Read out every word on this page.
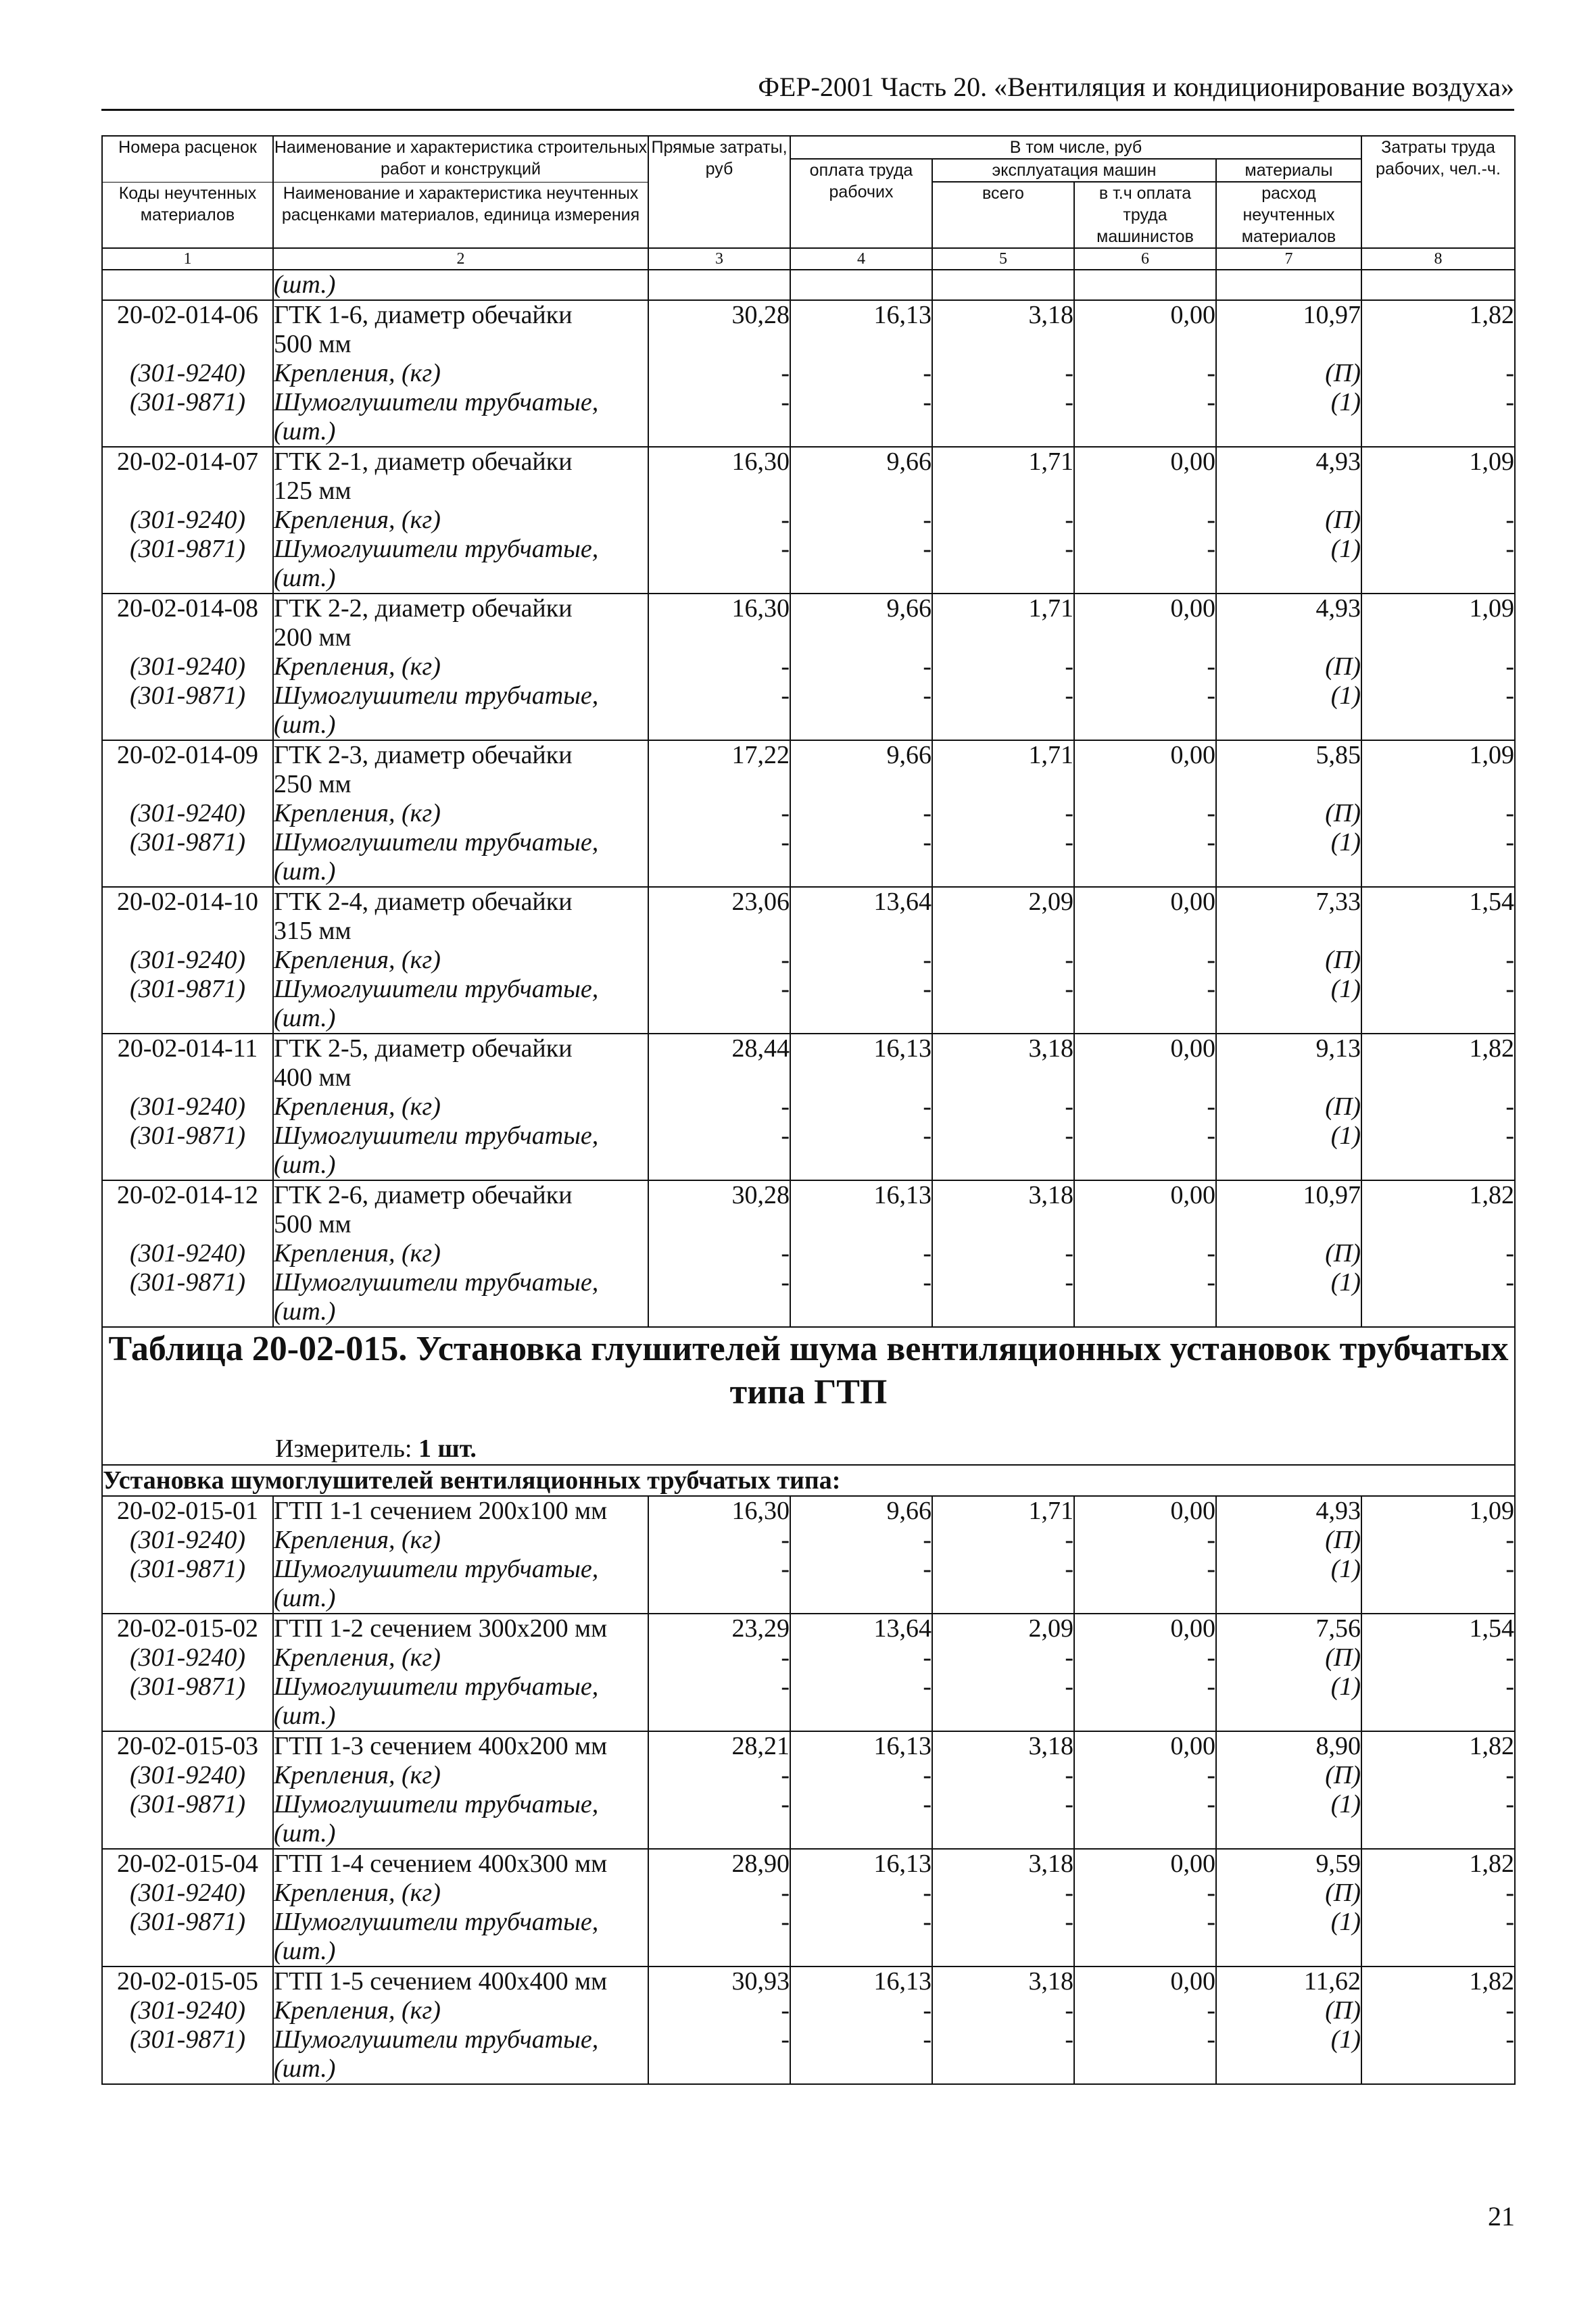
ФЕР-2001 Часть 20. «Вентиляция и кондиционирование воздуха»
Номера расценок	Наименование и характеристика строительных работ и конструкций	Прямые затраты, руб	В том числе, руб				Затраты труда рабочих, чел.-ч.
			оплата труда рабочих	эксплуатация машин		материалы	
Коды неучтенных материалов	Наименование и характеристика неучтенных расценками материалов, единица измерения			всего	в т.ч оплата труда машинистов	расход неучтенных материалов	

1	2	3	4	5	6	7	8
	(шт.)						
20-02-014-06	ГТК 1-6, диаметр обечайки	30,28	16,13	3,18	0,00	10,97	1,82
	500 мм						
(301-9240)	Крепления, (кг)	-	-	-	-	(П)	-
(301-9871)	Шумоглушители трубчатые,	-	-	-	-	(1)	-
	(шт.)						
20-02-014-07	ГТК 2-1, диаметр обечайки	16,30	9,66	1,71	0,00	4,93	1,09
	125 мм						
(301-9240)	Крепления, (кг)	-	-	-	-	(П)	-
(301-9871)	Шумоглушители трубчатые,	-	-	-	-	(1)	-
	(шт.)						
20-02-014-08	ГТК 2-2, диаметр обечайки	16,30	9,66	1,71	0,00	4,93	1,09
	200 мм						
(301-9240)	Крепления, (кг)	-	-	-	-	(П)	-
(301-9871)	Шумоглушители трубчатые,	-	-	-	-	(1)	-
	(шт.)						
20-02-014-09	ГТК 2-3, диаметр обечайки	17,22	9,66	1,71	0,00	5,85	1,09
	250 мм						
(301-9240)	Крепления, (кг)	-	-	-	-	(П)	-
(301-9871)	Шумоглушители трубчатые,	-	-	-	-	(1)	-
	(шт.)						
20-02-014-10	ГТК 2-4, диаметр обечайки	23,06	13,64	2,09	0,00	7,33	1,54
	315 мм						
(301-9240)	Крепления, (кг)	-	-	-	-	(П)	-
(301-9871)	Шумоглушители трубчатые,	-	-	-	-	(1)	-
	(шт.)						
20-02-014-11	ГТК 2-5, диаметр обечайки	28,44	16,13	3,18	0,00	9,13	1,82
	400 мм						
(301-9240)	Крепления, (кг)	-	-	-	-	(П)	-
(301-9871)	Шумоглушители трубчатые,	-	-	-	-	(1)	-
	(шт.)						
20-02-014-12	ГТК 2-6, диаметр обечайки	30,28	16,13	3,18	0,00	10,97	1,82
	500 мм						
(301-9240)	Крепления, (кг)	-	-	-	-	(П)	-
(301-9871)	Шумоглушители трубчатые,	-	-	-	-	(1)	-
	(шт.)						

Таблица 20-02-015. Установка глушителей шума вентиляционных установок трубчатых типа ГТП
Измеритель: 1 шт.							

Установка шумоглушителей вентиляционных трубчатых типа:							
20-02-015-01	ГТП 1-1 сечением 200х100 мм	16,30	9,66	1,71	0,00	4,93	1,09
(301-9240)	Крепления, (кг)	-	-	-	-	(П)	-
(301-9871)	Шумоглушители трубчатые,	-	-	-	-	(1)	-
	(шт.)						
20-02-015-02	ГТП 1-2 сечением 300х200 мм	23,29	13,64	2,09	0,00	7,56	1,54
(301-9240)	Крепления, (кг)	-	-	-	-	(П)	-
(301-9871)	Шумоглушители трубчатые,	-	-	-	-	(1)	-
	(шт.)						
20-02-015-03	ГТП 1-3 сечением 400х200 мм	28,21	16,13	3,18	0,00	8,90	1,82
(301-9240)	Крепления, (кг)	-	-	-	-	(П)	-
(301-9871)	Шумоглушители трубчатые,	-	-	-	-	(1)	-
	(шт.)						
20-02-015-04	ГТП 1-4 сечением 400х300 мм	28,90	16,13	3,18	0,00	9,59	1,82
(301-9240)	Крепления, (кг)	-	-	-	-	(П)	-
(301-9871)	Шумоглушители трубчатые,	-	-	-	-	(1)	-
	(шт.)						
20-02-015-05	ГТП 1-5 сечением 400х400 мм	30,93	16,13	3,18	0,00	11,62	1,82
(301-9240)	Крепления, (кг)	-	-	-	-	(П)	-
(301-9871)	Шумоглушители трубчатые,	-	-	-	-	(1)	-
	(шт.)						
21
